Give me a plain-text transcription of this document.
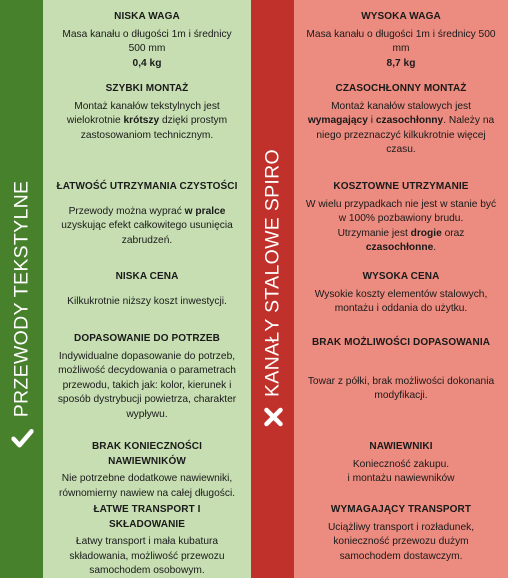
PRZEWODY TEKSTYLNE
NISKA WAGA
Masa kanału o długości 1m i średnicy 500 mm
0,4 kg
SZYBKI MONTAŻ
Montaż kanałów tekstylnych jest wielokrotnie krótszy dzięki prostym zastosowaniom technicznym.
ŁATWOŚĆ UTRZYMANIA CZYSTOŚCI
Przewody można wyprać w pralce uzyskując efekt całkowitego usunięcia zabrudzeń.
NISKA CENA
Kilkukrotnie niższy koszt inwestycji.
DOPASOWANIE DO POTRZEB
Indywidualne dopasowanie do potrzeb, możliwość decydowania o parametrach przewodu, takich jak: kolor, kierunek i sposób dystrybucji powietrza, charakter wypływu.
BRAK KONIECZNOŚCI NAWIEWNIKÓW
Nie potrzebne dodatkowe nawiewniki, równomierny nawiew na całej długości.
ŁATWE TRANSPORT I SKŁADOWANIE
Łatwy transport i mała kubatura składowania, możliwość przewozu samochodem osobowym.
KANAŁY STALOWE SPIRO
WYSOKA WAGA
Masa kanału o długości 1m i średnicy 500 mm
8,7 kg
CZASOCHŁONNY MONTAŻ
Montaż kanałów stalowych jest wymagający i czasochłonny. Należy na niego przeznaczyć kilkukrotnie więcej czasu.
KOSZTOWNE UTRZYMANIE
W wielu przypadkach nie jest w stanie być w 100% pozbawiony brudu.
Utrzymanie jest drogie oraz czasochłonne.
WYSOKA CENA
Wysokie koszty elementów stalowych, montażu i oddania do użytku.
BRAK MOŻLIWOŚCI DOPASOWANIA
Towar z półki, brak możliwości dokonania modyfikacji.
NAWIEWNIKI
Konieczność zakupu.
i montażu nawiewników
WYMAGAJĄCY TRANSPORT
Uciążliwy transport i rozładunek, konieczność przewozu dużym samochodem dostawczym.
